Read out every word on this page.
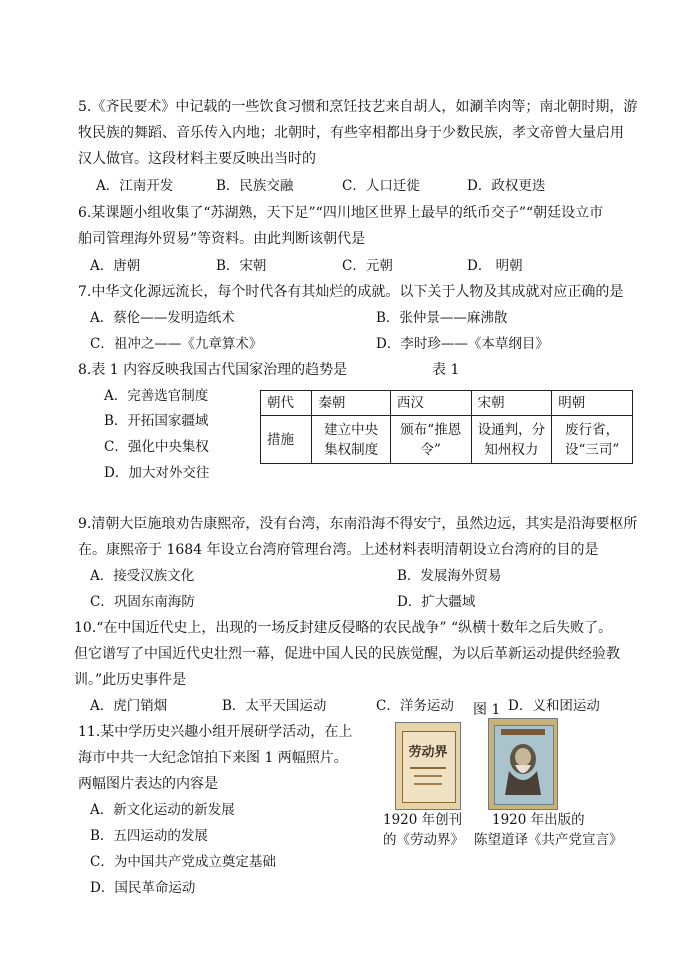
5.《齐民要术》中记载的一些饮食习惯和烹饪技艺来自胡人，如涮羊肉等；南北朝时期，游
牧民族的舞蹈、音乐传入内地；北朝时，有些宰相都出身于少数民族，孝文帝曾大量启用
汉人做官。这段材料主要反映出当时的
A．江南开发	B．民族交融	C．人口迁徙	D．政权更迭
6.某课题小组收集了“苏湖熟，天下足”“四川地区世界上最早的纸币交子”“朝廷设立市
舶司管理海外贸易”等资料。由此判断该朝代是
A．唐朝	B．宋朝	C．元朝	D． 明朝
7.中华文化源远流长，每个时代各有其灿烂的成就。以下关于人物及其成就对应正确的是
A．蔡伦——发明造纸术	B．张仲景——麻沸散
C．祖冲之——《九章算术》	D．李时珍——《本草纲目》
8.表 1 内容反映我国古代国家治理的趋势是	表 1
A．完善选官制度
B．开拓国家疆域
C．强化中央集权
D．加大对外交往
朝代	秦朝	西汉	宋朝	明朝
措施	建立中央集权制度	颁布“推恩令”	设通判，分知州权力	废行省，设“三司”
9.清朝大臣施琅劝告康熙帝，没有台湾，东南沿海不得安宁，虽然边远，其实是沿海要枢所
在。康熙帝于 1684 年设立台湾府管理台湾。上述材料表明清朝设立台湾府的目的是
A．接受汉族文化	B．发展海外贸易
C．巩固东南海防	D．扩大疆域
10.“在中国近代史上，出现的一场反封建反侵略的农民战争” “纵横十数年之后失败了。
但它谱写了中国近代史壮烈一幕，促进中国人民的民族觉醒，为以后革新运动提供经验教
训。”此历史事件是
A．虎门销烟	B．太平天国运动	C．洋务运动	D．义和团运动
11.某中学历史兴趣小组开展研学活动，在上
海市中共一大纪念馆拍下来图 1 两幅照片。
两幅图片表达的内容是
A．新文化运动的新发展
B．五四运动的发展
C．为中国共产党成立奠定基础
D．国民革命运动
图 1
劳动界
1920 年创刊
的《劳动界》
1920 年出版的
陈望道译《共产党宣言》
